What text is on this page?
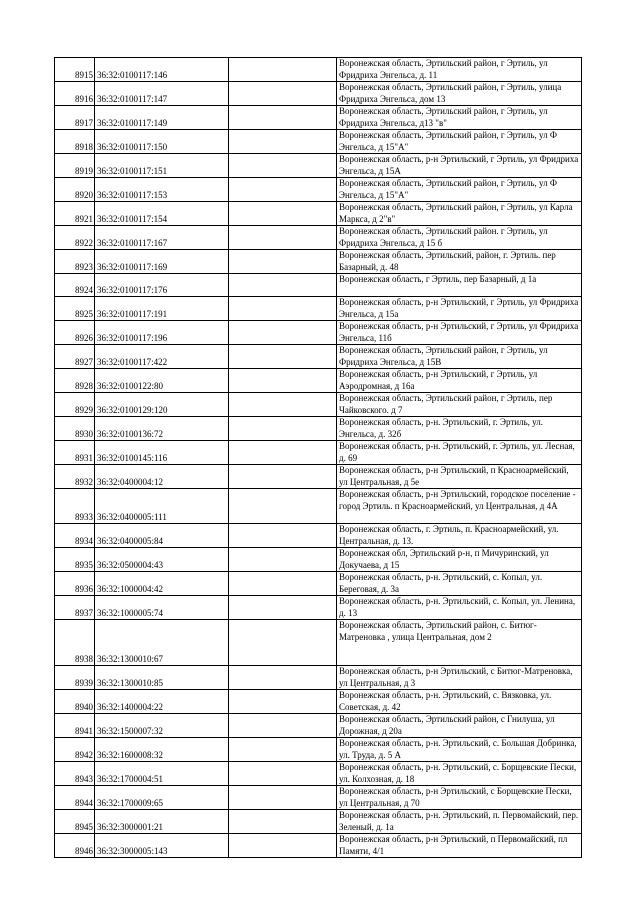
8915	36:32:0100117:146		Воронежская область, Эртильский район, г Эртиль, ул Фридриха Энгельса, д. 11
8916	36:32:0100117:147		Воронежская область, Эртильский район, г Эртиль, улица Фридриха Энгельса, дом 13
8917	36:32:0100117:149		Воронежская область, Эртильский район, г Эртиль, ул Фридриха Энгельса, д13 "в"
8918	36:32:0100117:150		Воронежская область, Эртильский район, г Эртиль, ул Ф Энгельса, д 15"А"
8919	36:32:0100117:151		Воронежская область, р-н Эртильский, г Эртиль, ул Фридриха Энгельса, д 15А
8920	36:32:0100117:153		Воронежская область, Эртильский район, г Эртиль, ул Ф Энгельса, д 15"А"
8921	36:32:0100117:154		Воронежская область, Эртильский район, г Эртиль, ул Карла Маркса, д 2"в"
8922	36:32:0100117:167		Воронежская область, Эртильский район. г Эртиль, ул Фридриха Энгельса, д 15 б
8923	36:32:0100117:169		Воронежская область, Эртильский, район, г. Эртиль. пер Базарный, д. 48
8924	36:32:0100117:176		Воронежская область, г Эртиль, пер Базарный, д 1а
8925	36:32:0100117:191		Воронежская область, р-н Эртильский, г Эртиль, ул Фридриха Энгельса, д 15а
8926	36:32:0100117:196		Воронежская область, р-н Эртильский, г Эртиль, ул Фридриха Энгельса, 11б
8927	36:32:0100117:422		Воронежская область, Эртильский район, г Эртиль, ул Фридриха Энгельса, д 15В
8928	36:32:0100122:80		Воронежская область, р-н Эртильский, г Эртиль, ул Аэродромная, д 16а
8929	36:32:0100129:120		Воронежская область, Эртильский район, г Эртиль, пер Чайковского. д 7
8930	36:32:0100136:72		Воронежская область, р-н. Эртильский, г. Эртиль, ул. Энгельса, д. 32б
8931	36:32:0100145:116		Воронежская область, р-н. Эртильский, г. Эртиль, ул. Лесная, д. 69
8932	36:32:0400004:12		Воронежская область, р-н Эртильский, п Красноармейский, ул Центральная, д 5е
8933	36:32:0400005:111		Воронежская область, р-н Эртильский, городское поселение - город Эртиль. п Красноармейский, ул Центральная, д 4А
8934	36:32:0400005:84		Воронежская область, г. Эртиль, п. Красноармейский, ул. Центральная, д. 13.
8935	36:32:0500004:43		Воронежская обл, Эртильский р-н, п Мичуринский, ул Докучаева, д 15
8936	36:32:1000004:42		Воронежская область, р-н. Эртильский, с. Копыл, ул. Береговая, д. 3а
8937	36:32:1000005:74		Воронежская область, р-н. Эртильский, с. Копыл, ул. Ленина, д. 13
8938	36:32:1300010:67		Воронежская область, Эртильский район, с. Битюг-Матреновка , улица Центральная, дом 2
8939	36:32:1300010:85		Воронежская область, р-н Эртильский, с Битюг-Матреновка, ул Центральная, д 3
8940	36:32:1400004:22		Воронежская область, р-н. Эртильский, с. Вязковка, ул. Советская, д. 42
8941	36:32:1500007:32		Воронежская область, Эртильский район, с Гнилуша, ул Дорожная, д 20а
8942	36:32:1600008:32		Воронежская область, р-н. Эртильский, с. Большая Добринка, ул. Труда, д. 5 А
8943	36:32:1700004:51		Воронежская область, р-н. Эртильский, с. Борщевские Пески, ул. Колхозная, д. 18
8944	36:32:1700009:65		Воронежская область, р-н Эртильский, с Борщевские Пески, ул Центральная, д 70
8945	36:32:3000001:21		Воронежская область, р-н. Эртильский, п. Первомайский, пер. Зеленый, д. 1а
8946	36:32:3000005:143		Воронежская область, р-н Эртильский, п Первомайский, пл Памяти, 4/1
